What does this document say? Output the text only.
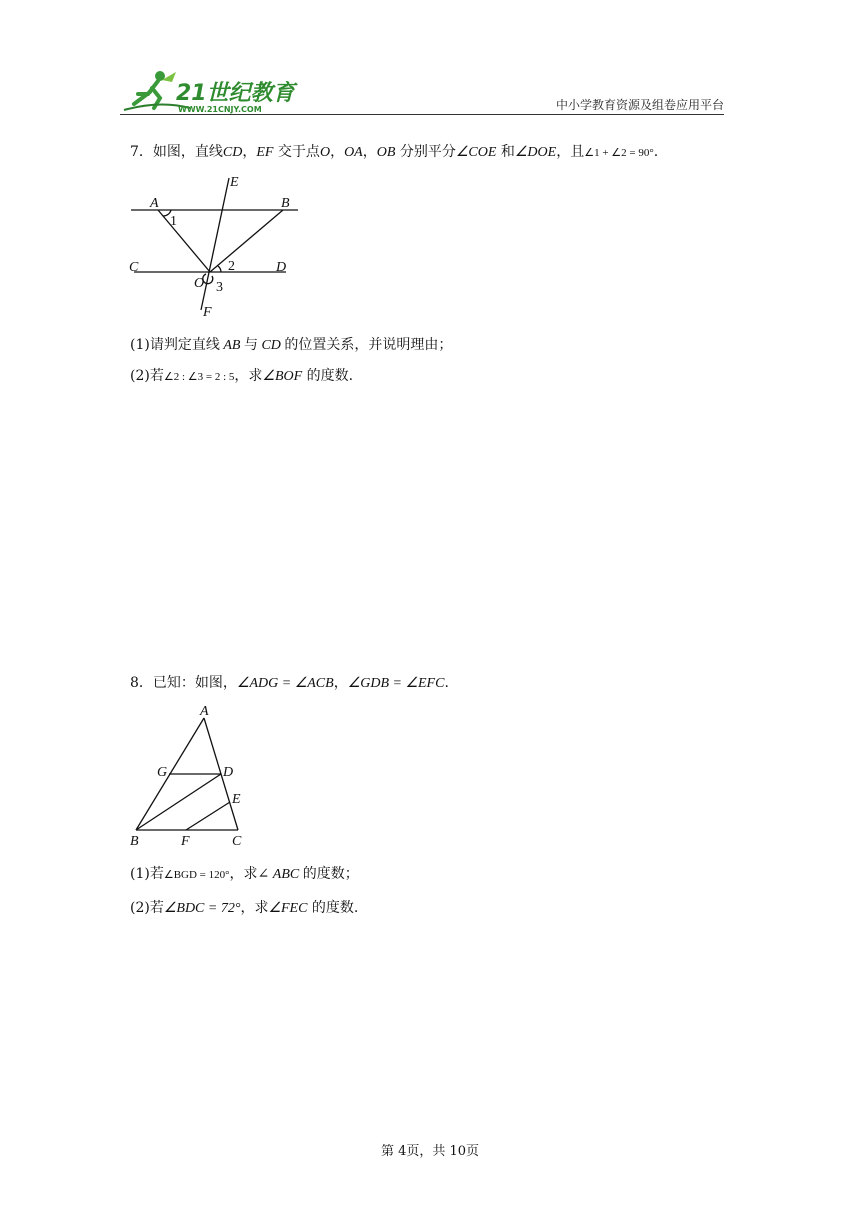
21世纪教育
WWW.21CNJY.COM	中小学教育资源及组卷应用平台
7．如图，直线CD，EF 交于点O，OA，OB 分别平分∠COE 和∠DOE，且∠1 + ∠2 = 90°.
E
A	B
1
C	D
2
O 3
F
(1)请判定直线 AB 与 CD 的位置关系，并说明理由；
(2)若∠2 : ∠3 = 2 : 5，求∠BOF 的度数.
8．已知：如图，∠ADG = ∠ACB，∠GDB = ∠EFC.
A
G	D
E
B	F	C
(1)若∠BGD = 120°，求∠ ABC 的度数；
(2)若∠BDC = 72°，求∠FEC 的度数.
第 4页，共 10页
